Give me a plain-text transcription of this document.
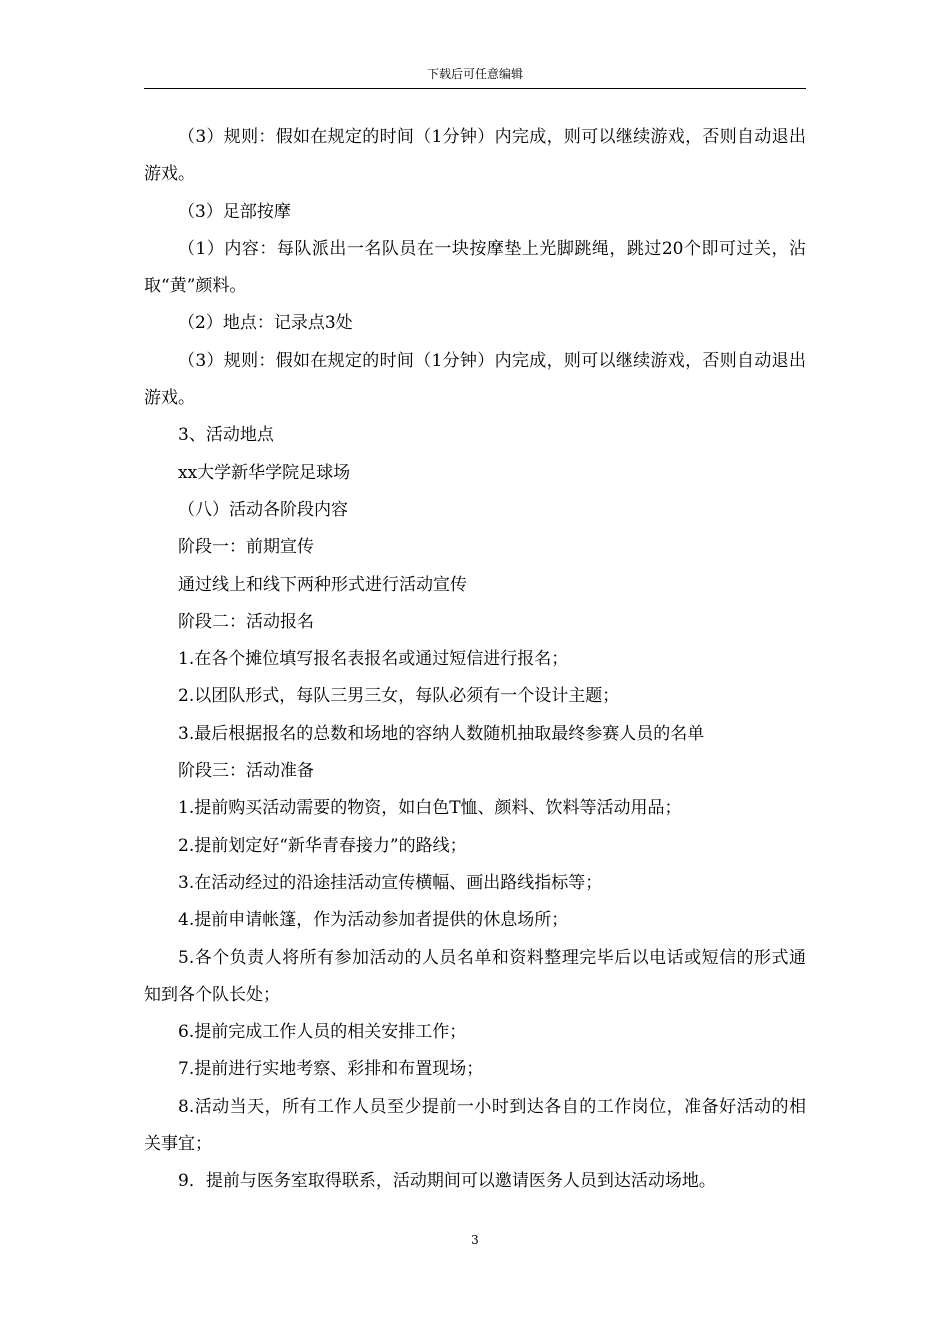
下载后可任意编辑

（3）规则：假如在规定的时间（1分钟）内完成，则可以继续游戏，否则自动退出游戏。

（3）足部按摩

（1）内容：每队派出一名队员在一块按摩垫上光脚跳绳，跳过20个即可过关，沾取“黄”颜料。

（2）地点：记录点3处

（3）规则：假如在规定的时间（1分钟）内完成，则可以继续游戏，否则自动退出游戏。

3、活动地点

xx大学新华学院足球场

（八）活动各阶段内容

阶段一：前期宣传

通过线上和线下两种形式进行活动宣传

阶段二：活动报名

1.在各个摊位填写报名表报名或通过短信进行报名；

2.以团队形式，每队三男三女，每队必须有一个设计主题；

3.最后根据报名的总数和场地的容纳人数随机抽取最终参赛人员的名单

阶段三：活动准备

1.提前购买活动需要的物资，如白色T恤、颜料、饮料等活动用品；

2.提前划定好“新华青春接力”的路线；

3.在活动经过的沿途挂活动宣传横幅、画出路线指标等；

4.提前申请帐篷，作为活动参加者提供的休息场所；

5.各个负责人将所有参加活动的人员名单和资料整理完毕后以电话或短信的形式通知到各个队长处；

6.提前完成工作人员的相关安排工作；

7.提前进行实地考察、彩排和布置现场；

8.活动当天，所有工作人员至少提前一小时到达各自的工作岗位，准备好活动的相关事宜；

9．提前与医务室取得联系，活动期间可以邀请医务人员到达活动场地。

3
